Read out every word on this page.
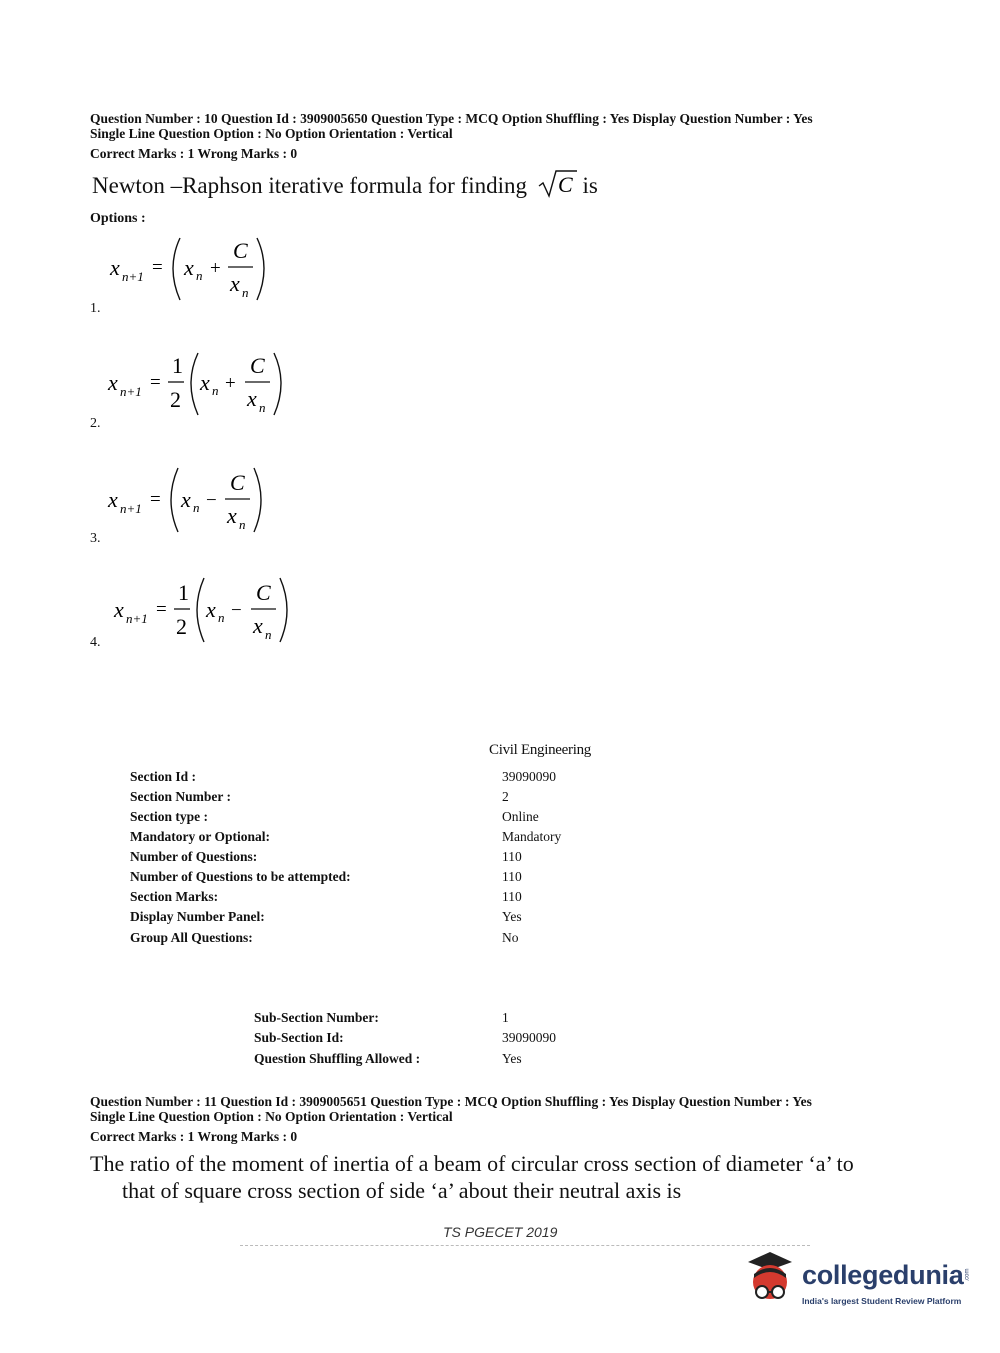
Question Number : 10 Question Id : 3909005650 Question Type : MCQ Option Shuffling : Yes Display Question Number : Yes
Single Line Question Option : No Option Orientation : Vertical
Correct Marks : 1 Wrong Marks : 0
Newton –Raphson iterative formula for finding C is
Options :
x n+1 = x n +
C
x n
1.
x n+1 =
1
2
x n +
C
x n
2.
x n+1 = x n −
C
x n
3.
x n+1 =
1
2
x n −
C
x n
4.
Civil Engineering
Section Id :	39090090
Section Number :	2
Section type :	Online
Mandatory or Optional:	Mandatory
Number of Questions:	110
Number of Questions to be attempted:	110
Section Marks:	110
Display Number Panel:	Yes
Group All Questions:	No
Sub-Section Number:	1
Sub-Section Id:	39090090
Question Shuffling Allowed :	Yes
Question Number : 11 Question Id : 3909005651 Question Type : MCQ Option Shuffling : Yes Display Question Number : Yes
Single Line Question Option : No Option Orientation : Vertical
Correct Marks : 1 Wrong Marks : 0
The ratio of the moment of inertia of a beam of circular cross section of diameter ‘a’ to
that of square cross section of side ‘a’ about their neutral axis is
TS PGECET 2019
collegedunia .com
India's largest Student Review Platform
